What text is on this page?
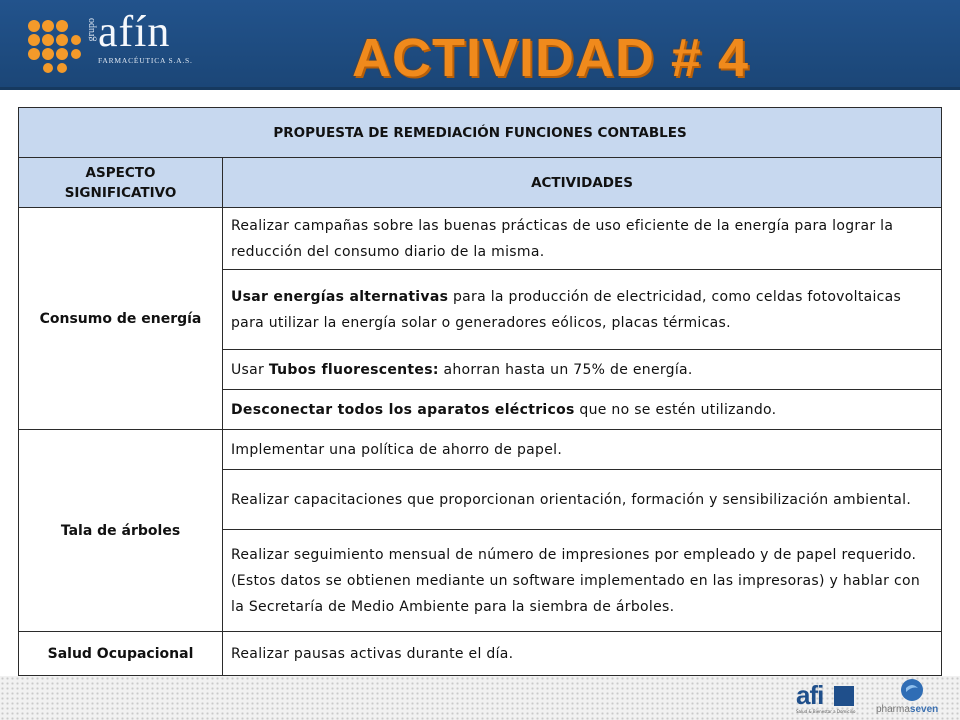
grupo afín
FARMACÉUTICA S.A.S.	ACTIVIDAD # 4
PROPUESTA DE REMEDIACIÓN FUNCIONES CONTABLES	
ASPECTO SIGNIFICATIVO	ACTIVIDADES
Consumo de energía	Realizar campañas sobre las buenas prácticas de uso eficiente de la energía para lograr la reducción del consumo diario de la misma.
	Usar energías alternativas para la producción de electricidad, como celdas fotovoltaicas para utilizar la energía solar o generadores eólicos, placas térmicas.
	Usar Tubos fluorescentes: ahorran hasta un 75% de energía.
	Desconectar todos los aparatos eléctricos que no se estén utilizando.
Tala de árboles	Implementar una política de ahorro de papel.
	Realizar capacitaciones que proporcionan orientación, formación y sensibilización ambiental.
	Realizar seguimiento mensual de número de impresiones por empleado y de papel requerido. (Estos datos se obtienen mediante un software implementado en las impresoras) y hablar con la Secretaría de Medio Ambiente para la siembra de árboles.
Salud Ocupacional	Realizar pausas activas durante el día.
afi
Salud & Bienestar a Domicilio pharmaseven
